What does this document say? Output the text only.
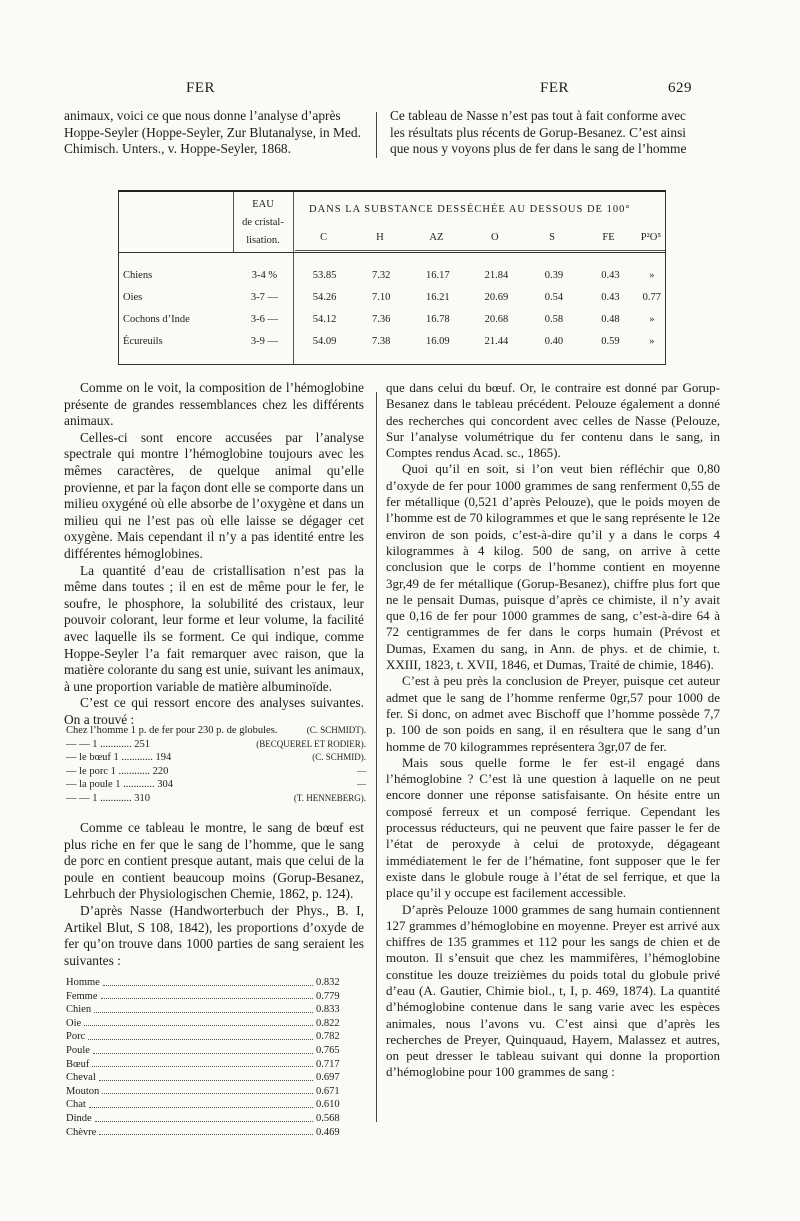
FER	FER	629
animaux, voici ce que nous donne l’analyse d’après
Hoppe-Seyler (Hoppe-Seyler, Zur Blutanalyse, in Med.
Chimisch. Unters., v. Hoppe-Seyler, 1868.
Ce tableau de Nasse n’est pas tout à fait conforme avec
les résultats plus récents de Gorup-Besanez. C’est ainsi
que nous y voyons plus de fer dans le sang de l’homme
EAU
de cristal-
lisation.
DANS LA SUBSTANCE DESSÉCHÉE AU DESSOUS DE 100°
		C	H	AZ	O	S	FE	P²O⁵
Chiens	3-4 %	53.85	7.32	16.17	21.84	0.39	0.43	»
Oies	3-7 —	54.26	7.10	16.21	20.69	0.54	0.43	0.77
Cochons d’Inde	3-6 —	54.12	7.36	16.78	20.68	0.58	0.48	»
Écureuils	3-9 —	54.09	7.38	16.09	21.44	0.40	0.59	»

Comme on le voit, la composition de l’hémoglobine présente de grandes ressemblances chez les différents animaux.

Celles-ci sont encore accusées par l’analyse spectrale qui montre l’hémoglobine toujours avec les mêmes caractères, de quelque animal qu’elle provienne, et par la façon dont elle se comporte dans un milieu oxygéné où elle absorbe de l’oxygène et dans un milieu qui ne l’est pas où elle laisse se dégager cet oxygène. Mais cependant il n’y a pas identité entre les différentes hémoglobines.

La quantité d’eau de cristallisation n’est pas la même dans toutes ; il en est de même pour le fer, le soufre, le phosphore, la solubilité des cristaux, leur pouvoir colorant, leur forme et leur volume, la facilité avec laquelle ils se forment. Ce qui indique, comme Hoppe-Seyler l’a fait remarquer avec raison, que la matière colorante du sang est unie, suivant les animaux, à une proportion variable de matière albuminoïde.

C’est ce qui ressort encore des analyses suivantes. On a trouvé :

Chez l’homme 1 p. de fer pour 230 p. de globules.	(C. SCHMIDT).
— — 1 ............ 251	(BECQUEREL ET RODIER).
— le bœuf 1 ............ 194	(C. SCHMID).
— le porc 1 ............ 220	—
— la poule 1 ............ 304	—
— — 1 ............ 310	(T. HENNEBERG).

Comme ce tableau le montre, le sang de bœuf est plus riche en fer que le sang de l’homme, que le sang de porc en contient presque autant, mais que celui de la poule en contient beaucoup moins (Gorup-Besanez, Lehrbuch der Physiologischen Chemie, 1862, p. 124).

D’après Nasse (Handworterbuch der Phys., B. I, Artikel Blut, S 108, 1842), les proportions d’oxyde de fer qu’on trouve dans 1000 parties de sang seraient les suivantes :

Homme	0.832
Femme	0.779
Chien	0.833
Oie	0.822
Porc	0.782
Poule	0.765
Bœuf	0.717
Cheval	0.697
Mouton	0.671
Chat	0.610
Dinde	0.568
Chèvre	0.469

que dans celui du bœuf. Or, le contraire est donné par Gorup-Besanez dans le tableau précédent. Pelouze également a donné des recherches qui concordent avec celles de Nasse (Pelouze, Sur l’analyse volumétrique du fer contenu dans le sang, in Comptes rendus Acad. sc., 1865).

Quoi qu’il en soit, si l’on veut bien réfléchir que 0,80 d’oxyde de fer pour 1000 grammes de sang renferment 0,55 de fer métallique (0,521 d’après Pelouze), que le poids moyen de l’homme est de 70 kilogrammes et que le sang représente le 12e environ de son poids, c’est-à-dire qu’il y a dans le corps 4 kilogrammes à 4 kilog. 500 de sang, on arrive à cette conclusion que le corps de l’homme contient en moyenne 3gr,49 de fer métallique (Gorup-Besanez), chiffre plus fort que ne le pensait Dumas, puisque d’après ce chimiste, il n’y avait que 0,16 de fer pour 1000 grammes de sang, c’est-à-dire 64 à 72 centigrammes de fer dans le corps humain (Prévost et Dumas, Examen du sang, in Ann. de phys. et de chimie, t. XXIII, 1823, t. XVII, 1846, et Dumas, Traité de chimie, 1846).

C’est à peu près la conclusion de Preyer, puisque cet auteur admet que le sang de l’homme renferme 0gr,57 pour 1000 de fer. Si donc, on admet avec Bischoff que l’homme possède 7,7 p. 100 de son poids en sang, il en résultera que le sang d’un homme de 70 kilogrammes représentera 3gr,07 de fer.

Mais sous quelle forme le fer est-il engagé dans l’hémoglobine ? C’est là une question à laquelle on ne peut encore donner une réponse satisfaisante. On hésite entre un composé ferreux et un composé ferrique. Cependant les processus réducteurs, qui ne peuvent que faire passer le fer de l’état de peroxyde à celui de protoxyde, dégageant immédiatement le fer de l’hématine, font supposer que le fer existe dans le globule rouge à l’état de sel ferrique, et que la place qu’il y occupe est facilement accessible.

D’après Pelouze 1000 grammes de sang humain contiennent 127 grammes d’hémoglobine en moyenne. Preyer est arrivé aux chiffres de 135 grammes et 112 pour les sangs de chien et de mouton. Il s’ensuit que chez les mammifères, l’hémoglobine constitue les douze treizièmes du poids total du globule privé d’eau (A. Gautier, Chimie biol., t, I, p. 469, 1874). La quantité d’hémoglobine contenue dans le sang varie avec les espèces animales, nous l’avons vu. C’est ainsi que d’après les recherches de Preyer, Quinquaud, Hayem, Malassez et autres, on peut dresser le tableau suivant qui donne la proportion d’hémoglobine pour 100 grammes de sang :
